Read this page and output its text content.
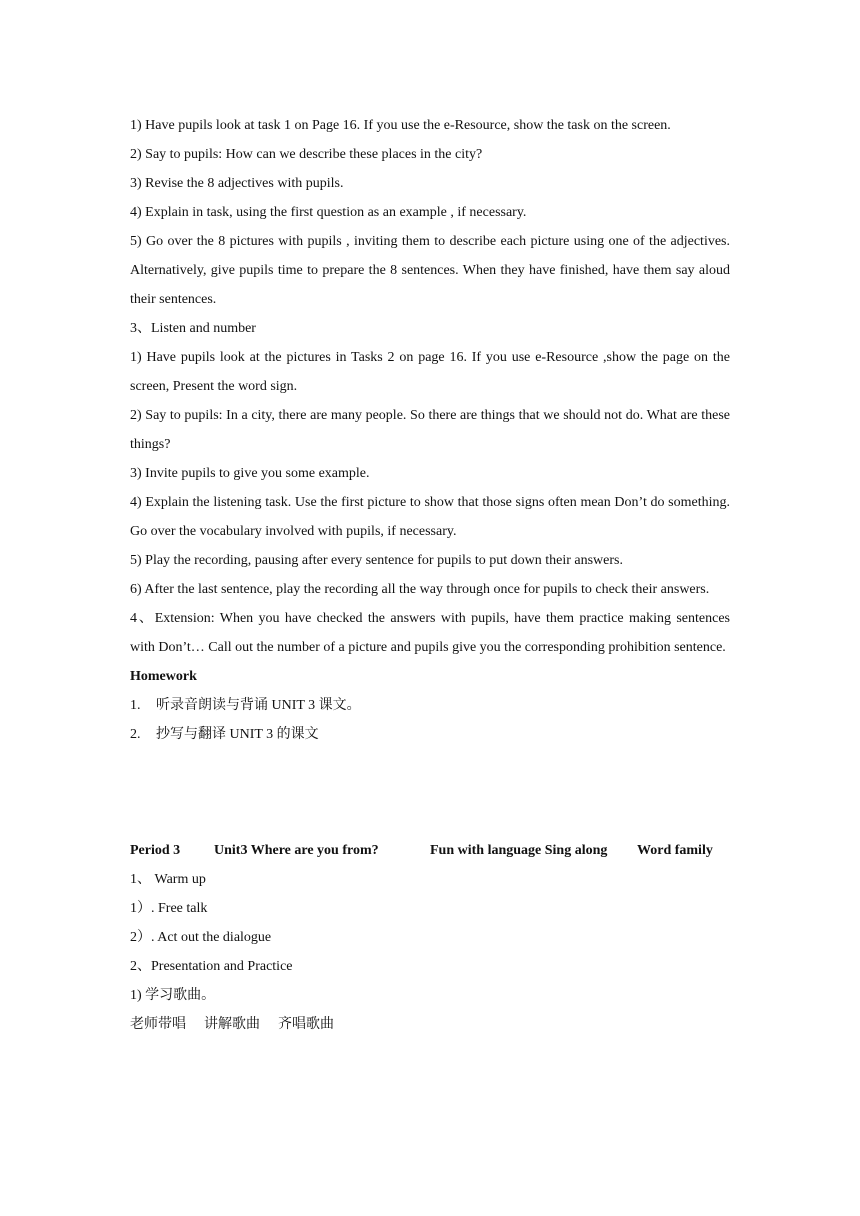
1) Have pupils look at task 1 on Page 16. If you use the e-Resource, show the task on the screen.

2) Say to pupils: How can we describe these places in the city?

3) Revise the 8 adjectives with pupils.

4) Explain in task, using the first question as an example , if necessary.

5) Go over the 8 pictures with pupils , inviting them to describe each picture using one of the adjectives. Alternatively, give pupils time to prepare the 8 sentences. When they have finished, have them say aloud their sentences.

3、Listen and number

1) Have pupils look at the pictures in Tasks 2 on page 16. If you use e-Resource ,show the page on the screen, Present the word sign.

2) Say to pupils: In a city, there are many people. So there are things that we should not do. What are these things?

3) Invite pupils to give you some example.

4) Explain the listening task. Use the first picture to show that those signs often mean Don’t do something. Go over the vocabulary involved with pupils, if necessary.

5) Play the recording, pausing after every sentence for pupils to put down their answers.

6) After the last sentence, play the recording all the way through once for pupils to check their answers.

4、Extension: When you have checked the answers with pupils, have them practice making sentences with Don’t… Call out the number of a picture and pupils give you the corresponding prohibition sentence.

Homework

1. 听录音朗读与背诵 UNIT 3 课文。

2. 抄写与翻译 UNIT 3 的课文

Period 3 Unit3 Where are you from?	Fun with language Sing along Word family

1、 Warm up

1）. Free talk

2）. Act out the dialogue

2、Presentation and Practice

1) 学习歌曲。

老师带唱 讲解歌曲 齐唱歌曲
